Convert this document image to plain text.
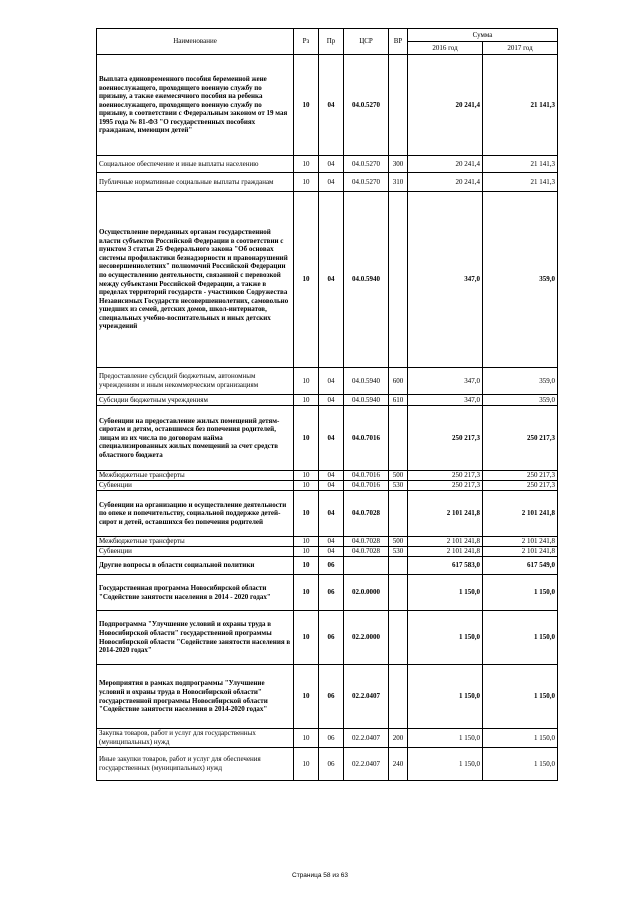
Наименование	Рз	Пр	ЦСР	ВР	Сумма	
					2016 год	2017 год
Выплата единовременного пособия беременной жене военнослужащего, проходящего военную службу по призыву, а также ежемесячного пособия на ребенка военнослужащего, проходящего военную службу по призыву, в соответствии с Федеральным законом от 19 мая 1995 года № 81-ФЗ "О государственных пособиях гражданам, имеющим детей"	10	04	04.0.5270		20 241,4	21 141,3
Социальное обеспечение и иные выплаты населению	10	04	04.0.5270	300	20 241,4	21 141,3
Публичные нормативные социальные выплаты гражданам	10	04	04.0.5270	310	20 241,4	21 141,3
Осуществление переданных органам государственной власти субъектов Российской Федерации в соответствии с пунктом 3 статьи 25 Федерального закона "Об основах системы профилактики безнадзорности и правонарушений несовершеннолетних" полномочий Российской Федерации по осуществлению деятельности, связанной с перевозкой между субъектами Российской Федерации, а также в пределах территорий государств - участников Содружества Независимых Государств несовершеннолетних, самовольно ушедших из семей, детских домов, школ-интернатов, специальных учебно-воспитательных и иных детских учреждений	10	04	04.0.5940		347,0	359,0
Предоставление субсидий бюджетным, автономным учреждениям и иным некоммерческим организациям	10	04	04.0.5940	600	347,0	359,0
Субсидии бюджетным учреждениям	10	04	04.0.5940	610	347,0	359,0
Субвенции на предоставление жилых помещений детям-сиротам и детям, оставшимся без попечения родителей, лицам из их числа по договорам найма специализированных жилых помещений за счет средств областного бюджета	10	04	04.0.7016		250 217,3	250 217,3
Межбюджетные трансферты	10	04	04.0.7016	500	250 217,3	250 217,3
Субвенции	10	04	04.0.7016	530	250 217,3	250 217,3
Субвенции на организацию и осуществление деятельности по опеке и попечительству, социальной поддержке детей-сирот и детей, оставшихся без попечения родителей	10	04	04.0.7028		2 101 241,8	2 101 241,8
Межбюджетные трансферты	10	04	04.0.7028	500	2 101 241,8	2 101 241,8
Субвенции	10	04	04.0.7028	530	2 101 241,8	2 101 241,8
Другие вопросы в области социальной политики	10	06			617 583,0	617 549,0
Государственная программа Новосибирской области "Содействие занятости населения в 2014 - 2020 годах"	10	06	02.0.0000		1 150,0	1 150,0
Подпрограмма "Улучшение условий и охраны труда в Новосибирской области" государственной программы Новосибирской области "Содействие занятости населения в 2014-2020 годах"	10	06	02.2.0000		1 150,0	1 150,0
Мероприятия в рамках подпрограммы "Улучшение условий и охраны труда в Новосибирской области" государственной программы Новосибирской области "Содействие занятости населения в 2014-2020 годах"	10	06	02.2.0407		1 150,0	1 150,0
Закупка товаров, работ и услуг для государственных (муниципальных) нужд	10	06	02.2.0407	200	1 150,0	1 150,0
Иные закупки товаров, работ и услуг для обеспечения государственных (муниципальных) нужд	10	06	02.2.0407	240	1 150,0	1 150,0
Страница 58 из 63
